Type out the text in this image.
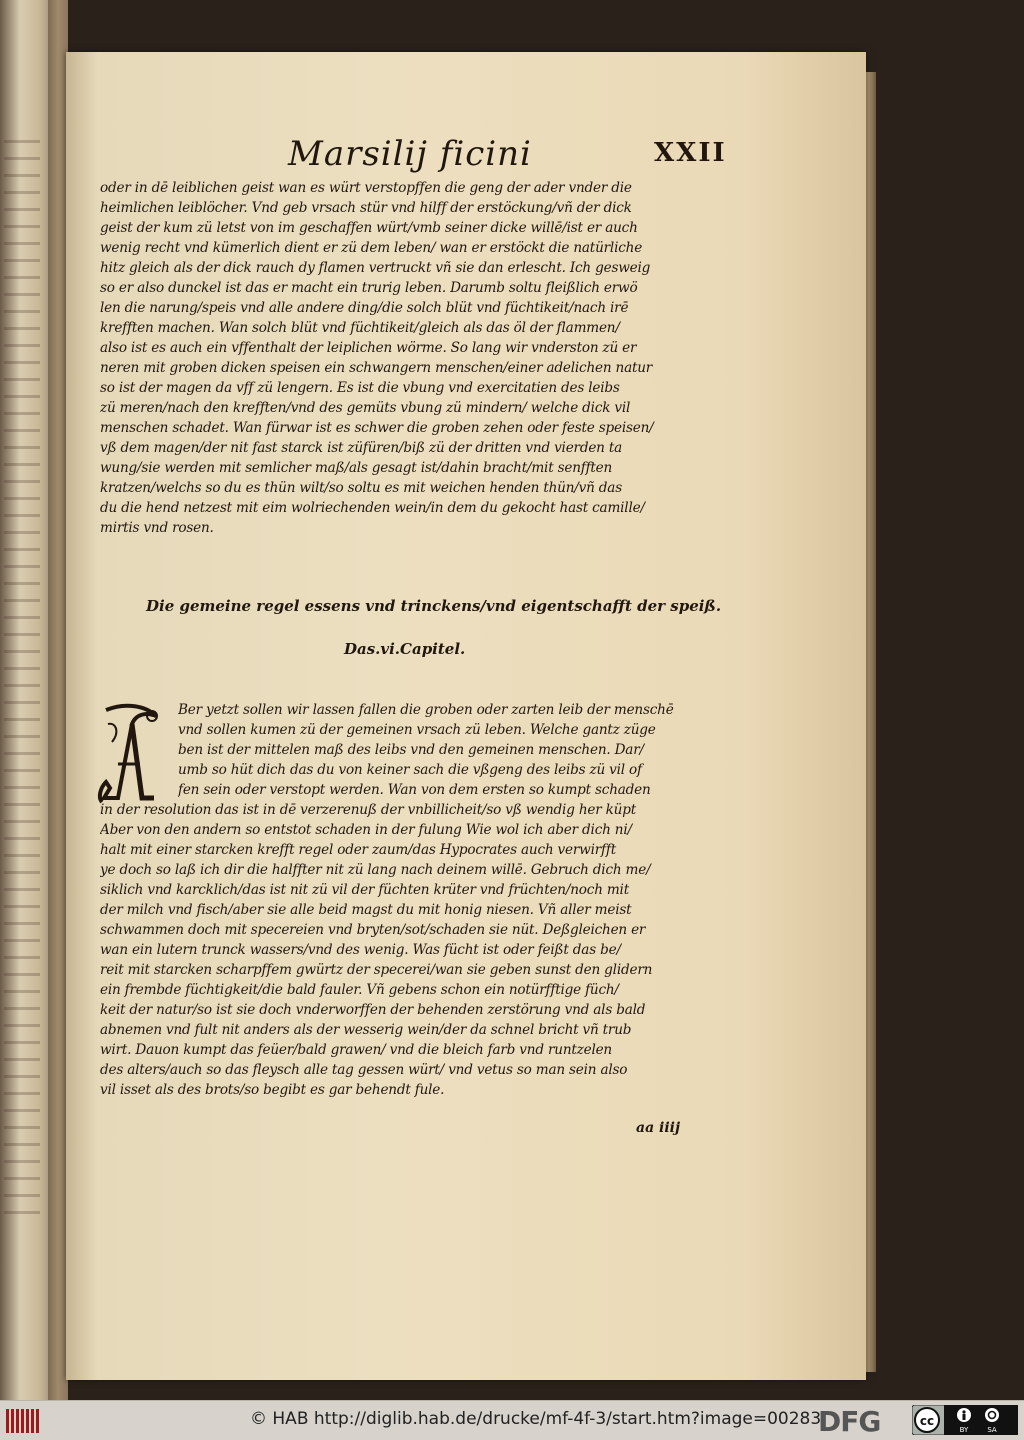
Marsilij ficini	XXII
oder in dē leiblichen geist wan es würt verstopffen die geng der ader vnder die
heimlichen leiblöcher. Vnd geb vrsach stür vnd hilff der erstöckung/vñ der dick
geist der kum zü letst von im geschaffen würt/vmb seiner dicke willē/ist er auch
wenig recht vnd kümerlich dient er zü dem leben/ wan er erstöckt die natürliche
hitz gleich als der dick rauch dy flamen vertruckt vñ sie dan erlescht. Ich gesweig
so er also dunckel ist das er macht ein trurig leben. Darumb soltu fleißlich erwö
len die narung/speis vnd alle andere ding/die solch blüt vnd füchtikeit/nach irē
krefften machen. Wan solch blüt vnd füchtikeit/gleich als das öl der flammen/
also ist es auch ein vffenthalt der leiplichen wörme. So lang wir vnderston zü er
neren mit groben dicken speisen ein schwangern menschen/einer adelichen natur
so ist der magen da vff zü lengern. Es ist die vbung vnd exercitatien des leibs
zü meren/nach den krefften/vnd des gemüts vbung zü mindern/ welche dick vil
menschen schadet. Wan fürwar ist es schwer die groben zehen oder feste speisen/
vß dem magen/der nit fast starck ist züfüren/biß zü der dritten vnd vierden ta
wung/sie werden mit semlicher maß/als gesagt ist/dahin bracht/mit senfften
kratzen/welchs so du es thün wilt/so soltu es mit weichen henden thün/vñ das
du die hend netzest mit eim wolriechenden wein/in dem du gekocht hast camille/
mirtis vnd rosen.
Die gemeine regel essens vnd trinckens/vnd eigentschafft der speiß.
Das.vi.Capitel.
Ber yetzt sollen wir lassen fallen die groben oder zarten leib der menschē
vnd sollen kumen zü der gemeinen vrsach zü leben. Welche gantz züge
ben ist der mittelen maß des leibs vnd den gemeinen menschen. Dar/
umb so hüt dich das du von keiner sach die vßgeng des leibs zü vil of
fen sein oder verstopt werden. Wan von dem ersten so kumpt schaden
in der resolution das ist in dē verzerenuß der vnbillicheit/so vß wendig her küpt
Aber von den andern so entstot schaden in der fulung Wie wol ich aber dich ni/
halt mit einer starcken krefft regel oder zaum/das Hypocrates auch verwirfft
ye doch so laß ich dir die halffter nit zü lang nach deinem willē. Gebruch dich me/
siklich vnd karcklich/das ist nit zü vil der füchten krüter vnd früchten/noch mit
der milch vnd fisch/aber sie alle beid magst du mit honig niesen. Vñ aller meist
schwammen doch mit specereien vnd bryten/sot/schaden sie nüt. Deßgleichen er
wan ein lutern trunck wassers/vnd des wenig. Was fücht ist oder feißt das be/
reit mit starcken scharpffem gwürtz der specerei/wan sie geben sunst den glidern
ein frembde füchtigkeit/die bald fauler. Vñ gebens schon ein notürfftige füch/
keit der natur/so ist sie doch vnderworffen der behenden zerstörung vnd als bald
abnemen vnd fult nit anders als der wesserig wein/der da schnel bricht vñ trub
wirt. Dauon kumpt das feüer/bald grawen/ vnd die bleich farb vnd runtzelen
des alters/auch so das fleysch alle tag gessen würt/ vnd vetus so man sein also
vil isset als des brots/so begibt es gar behendt fule.
aa iiij
© HAB http://diglib.hab.de/drucke/mf-4f-3/start.htm?image=00283
DFG	cc
BY	SA
